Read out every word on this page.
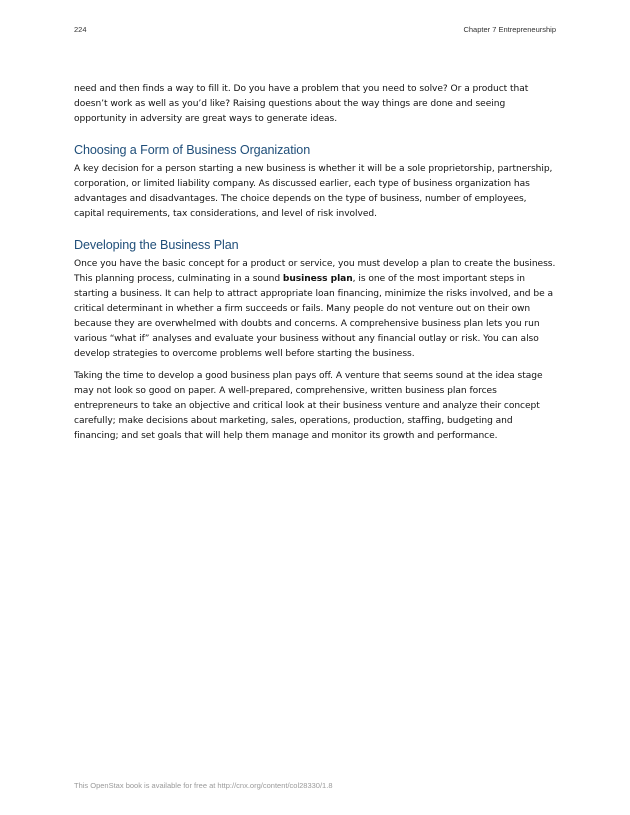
224	Chapter 7 Entrepreneurship

need and then finds a way to fill it. Do you have a problem that you need to solve? Or a product that doesn’t work as well as you’d like? Raising questions about the way things are done and seeing opportunity in adversity are great ways to generate ideas.

Choosing a Form of Business Organization

A key decision for a person starting a new business is whether it will be a sole proprietorship, partnership, corporation, or limited liability company. As discussed earlier, each type of business organization has advantages and disadvantages. The choice depends on the type of business, number of employees, capital requirements, tax considerations, and level of risk involved.

Developing the Business Plan

Once you have the basic concept for a product or service, you must develop a plan to create the business. This planning process, culminating in a sound business plan, is one of the most important steps in starting a business. It can help to attract appropriate loan financing, minimize the risks involved, and be a critical determinant in whether a firm succeeds or fails. Many people do not venture out on their own because they are overwhelmed with doubts and concerns. A comprehensive business plan lets you run various “what if” analyses and evaluate your business without any financial outlay or risk. You can also develop strategies to overcome problems well before starting the business.

Taking the time to develop a good business plan pays off. A venture that seems sound at the idea stage may not look so good on paper. A well-prepared, comprehensive, written business plan forces entrepreneurs to take an objective and critical look at their business venture and analyze their concept carefully; make decisions about marketing, sales, operations, production, staffing, budgeting and financing; and set goals that will help them manage and monitor its growth and performance.

This OpenStax book is available for free at http://cnx.org/content/col28330/1.8
